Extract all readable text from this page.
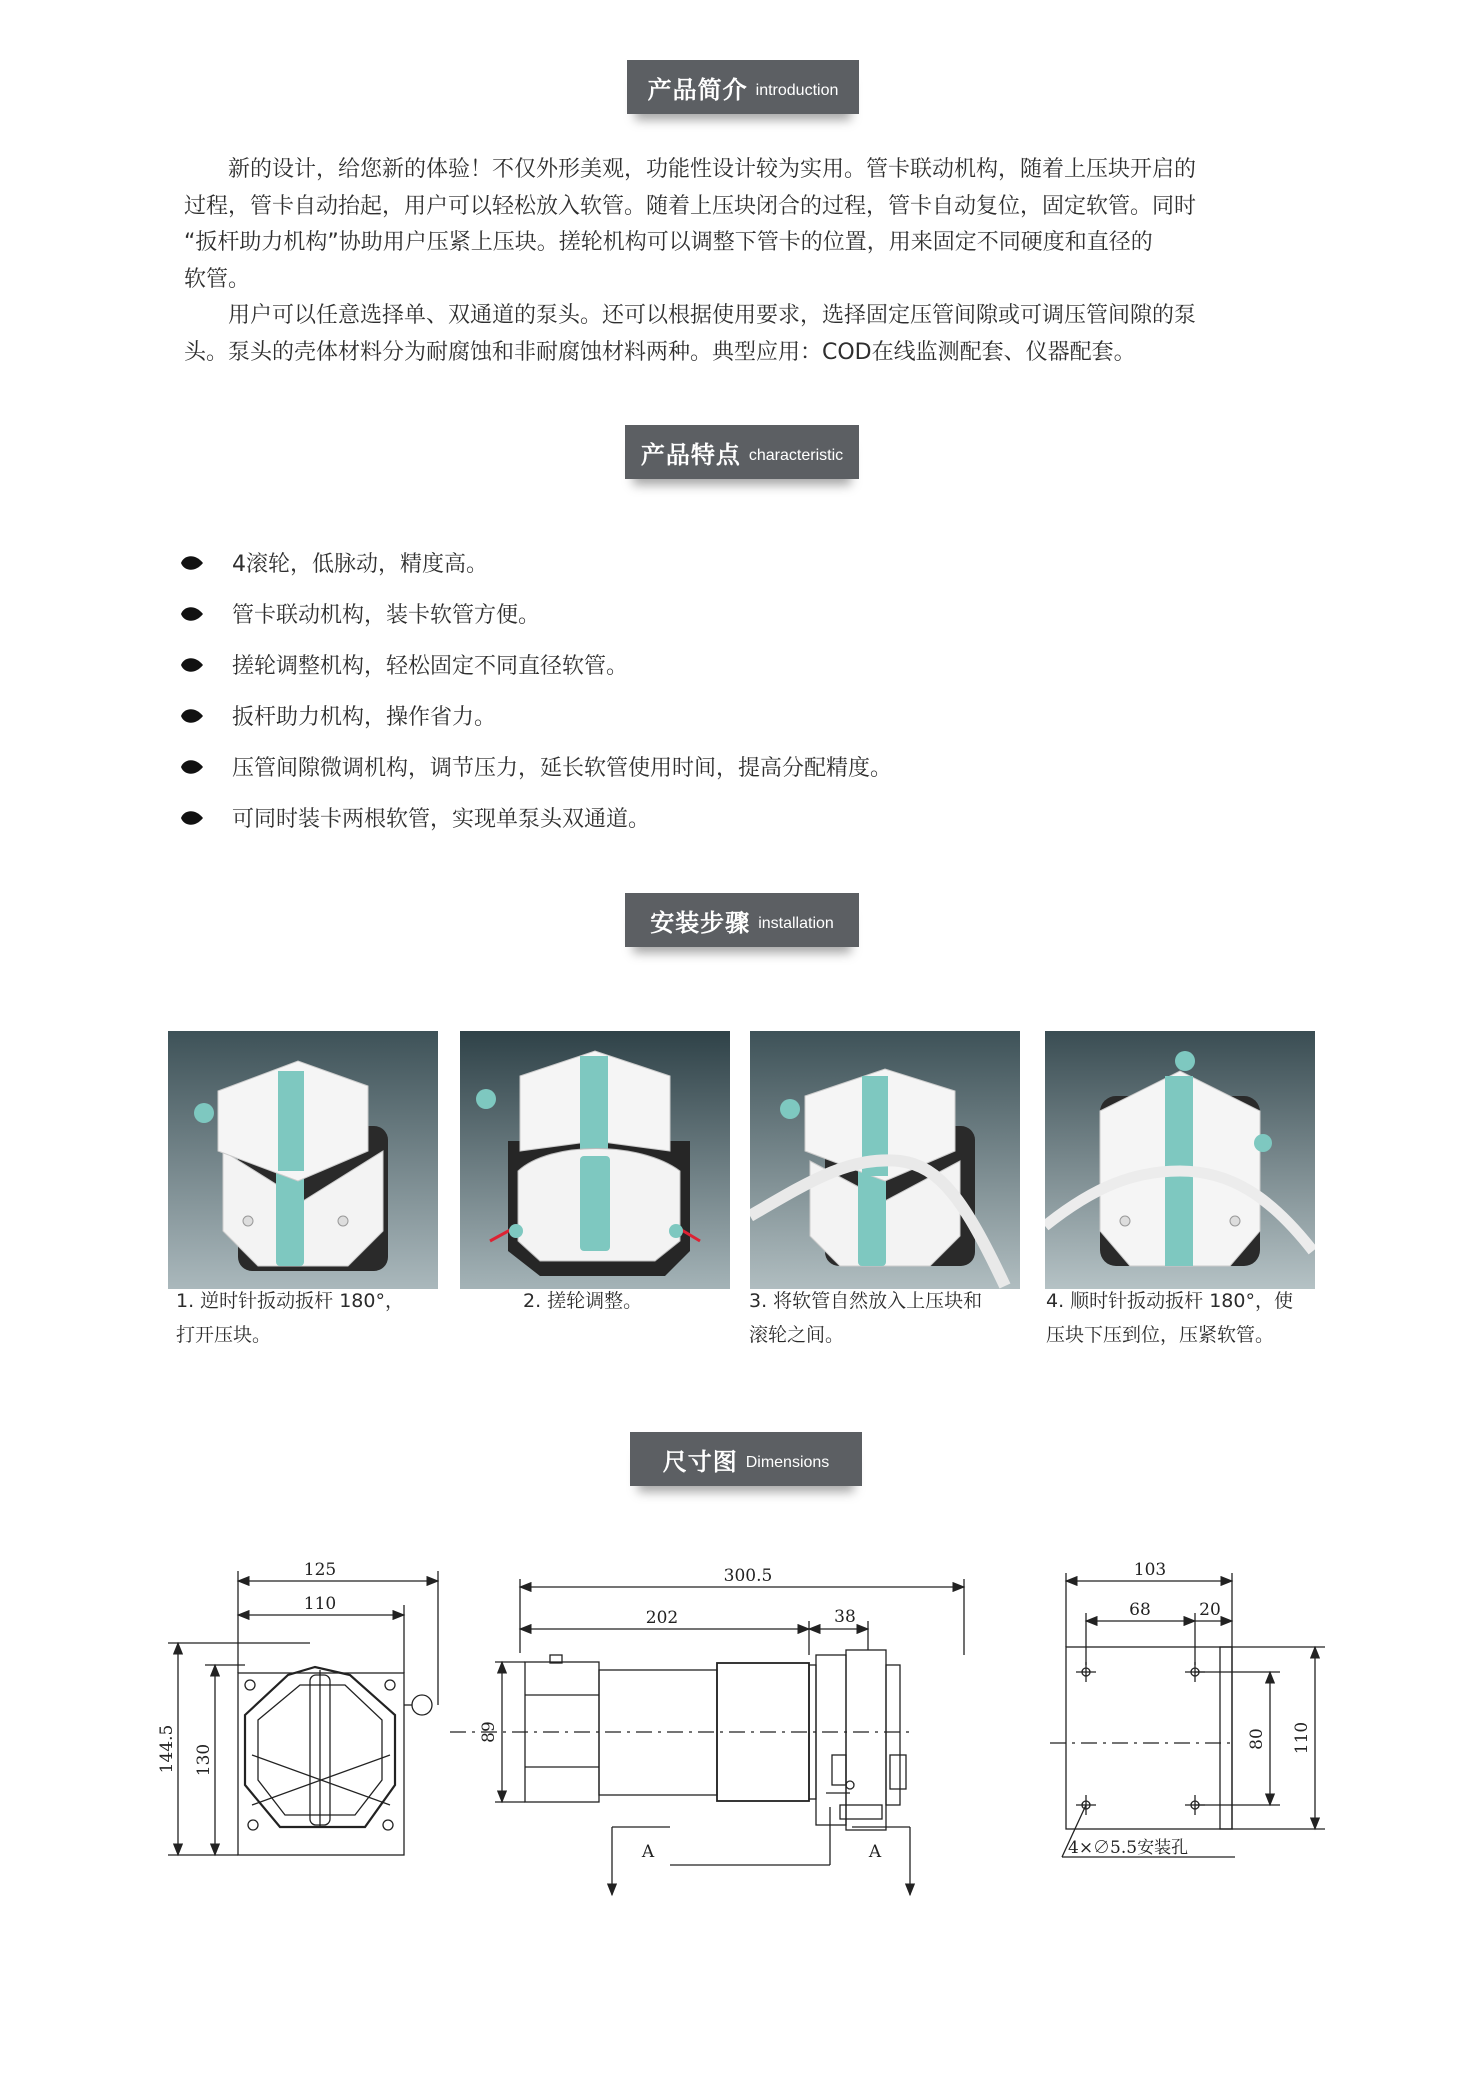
产品简介 introduction
　　新的设计，给您新的体验！不仅外形美观，功能性设计较为实用。管卡联动机构，随着上压块开启的
过程，管卡自动抬起，用户可以轻松放入软管。随着上压块闭合的过程，管卡自动复位，固定软管。同时
“扳杆助力机构”协助用户压紧上压块。搓轮机构可以调整下管卡的位置，用来固定不同硬度和直径的
软管。
　　用户可以任意选择单、双通道的泵头。还可以根据使用要求，选择固定压管间隙或可调压管间隙的泵
头。泵头的壳体材料分为耐腐蚀和非耐腐蚀材料两种。典型应用：COD在线监测配套、仪器配套。
产品特点 characteristic
4滚轮，低脉动，精度高。
管卡联动机构，装卡软管方便。
搓轮调整机构，轻松固定不同直径软管。
扳杆助力机构，操作省力。
压管间隙微调机构，调节压力，延长软管使用时间，提高分配精度。
可同时装卡两根软管，实现单泵头双通道。
安装步骤 installation
1. 逆时针扳动扳杆 180°，
打开压块。
2. 搓轮调整。	3. 将软管自然放入上压块和
滚轮之间。
4. 顺时针扳动扳杆 180°，使
压块下压到位，压紧软管。
尺寸图 Dimensions
125
110
144.5 130
300.5
202	38
89
A	A
103
68	20
80 110
4×∅5.5安装孔
